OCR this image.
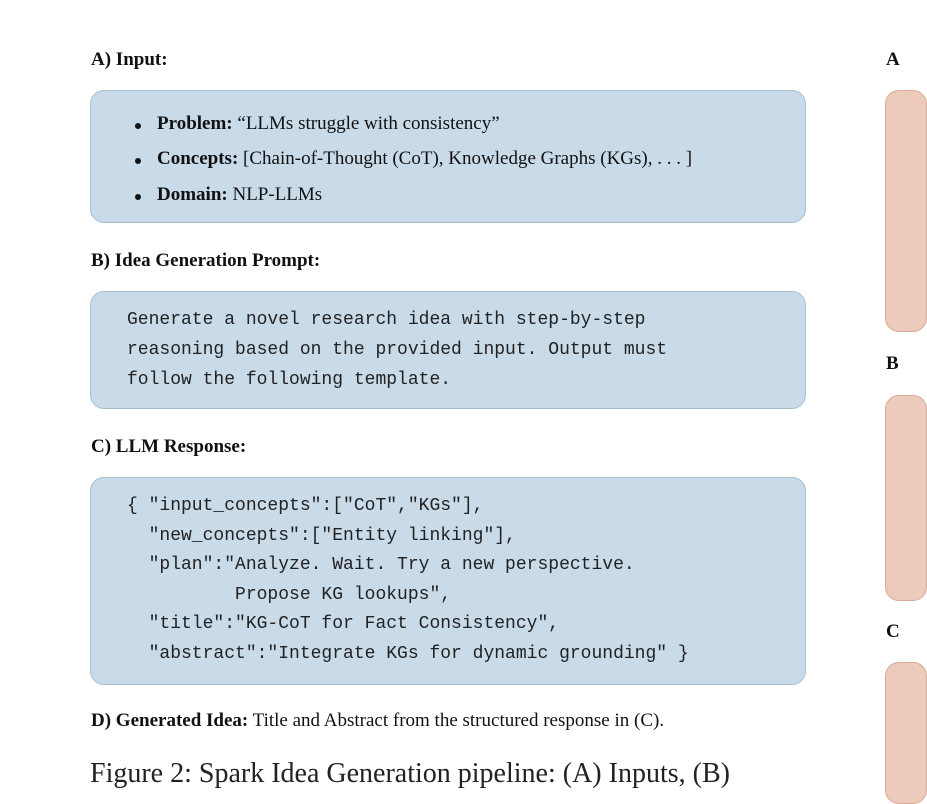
A) Input:
Problem: “LLMs struggle with consistency”
Concepts: [Chain-of-Thought (CoT), Knowledge Graphs (KGs), . . . ]
Domain: NLP-LLMs
B) Idea Generation Prompt:
Generate a novel research idea with step-by-step
reasoning based on the provided input. Output must
follow the following template.
C) LLM Response:
{ "input_concepts":["CoT","KGs"],
"new_concepts":["Entity linking"],
"plan":"Analyze. Wait. Try a new perspective.
Propose KG lookups",
"title":"KG-CoT for Fact Consistency",
"abstract":"Integrate KGs for dynamic grounding" }
D) Generated Idea: Title and Abstract from the structured response in (C).
A
B
C
Figure 2: Spark Idea Generation pipeline: (A) Inputs, (B)
